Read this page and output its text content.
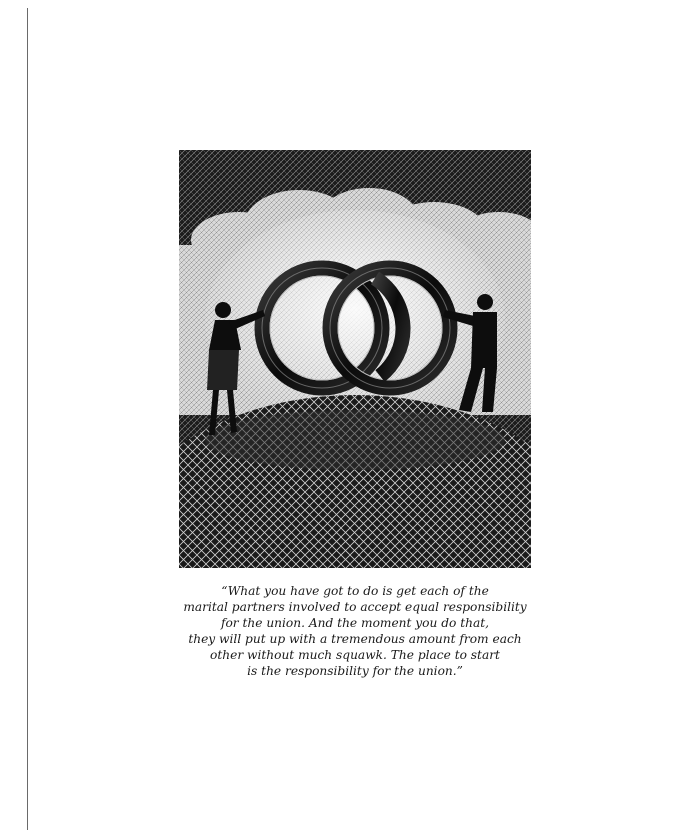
“What you have got to do is get each of the
marital partners involved to accept equal responsibility
for the union. And the moment you do that,
they will put up with a tremendous amount from each
other without much squawk. The place to start
is the responsibility for the union.”
